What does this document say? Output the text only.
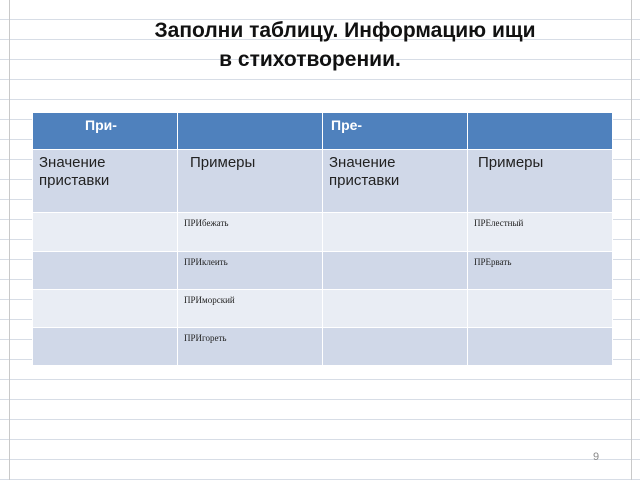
Заполни таблицу. Информацию ищи
в стихотворении.
При-		Пре-	

Значение приставки	Примеры	Значение приставки	Примеры

	ПРИбежать		ПРЕлестный

	ПРИклеить		ПРЕрвать

	ПРИморский		

	ПРИгореть		

9
